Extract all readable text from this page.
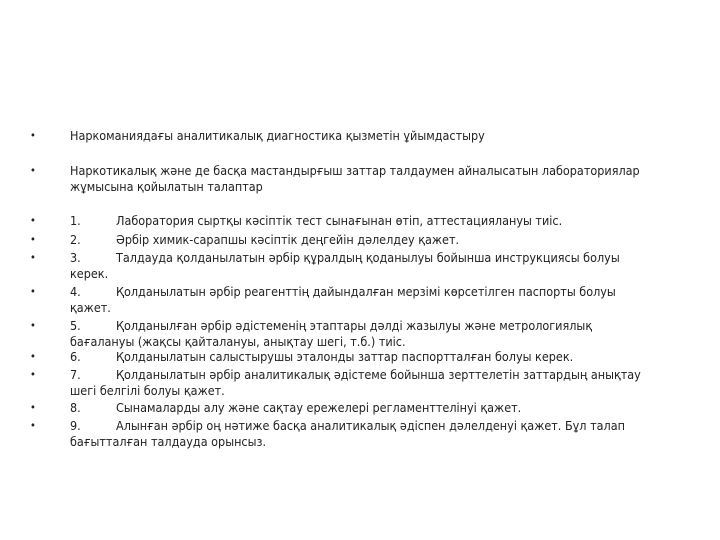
•	Наркоманиядағы аналитикалық диагностика қызметін ұйымдастыру
•	Наркотикалық және де басқа мастандырғыш заттар талдаумен айналысатын лабораториялар
жұмысына қойылатын талаптар
•	1.	Лаборатория сыртқы кәсіптік тест сынағынан өтіп, аттестациялануы тиіс.
•	2.	Әрбір химик-сарапшы кәсіптік деңгейін дәлелдеу қажет.
•	3.	Талдауда қолданылатын әрбір құралдың қоданылуы бойынша инструкциясы болуы
керек.
•	4.	Қолданылатын әрбір реагенттің дайындалған мерзімі көрсетілген паспорты болуы
қажет.
•	5.	Қолданылған әрбір әдістеменің этаптары дәлді жазылуы және метрологиялық
бағалануы (жақсы қайталануы, анықтау шегі, т.б.) тиіс.
•	6.	Қолданылатын салыстырушы эталонды заттар паспортталған болуы керек.
•	7.	Қолданылатын әрбір аналитикалық әдістеме бойынша зерттелетін заттардың анықтау
шегі белгілі болуы қажет.
•	8.	Сынамаларды алу және сақтау ережелері регламенттелінуі қажет.
•	9.	Алынған әрбір оң нәтиже басқа аналитикалық әдіспен дәлелденуі қажет. Бұл талап
бағытталған талдауда орынсыз.
